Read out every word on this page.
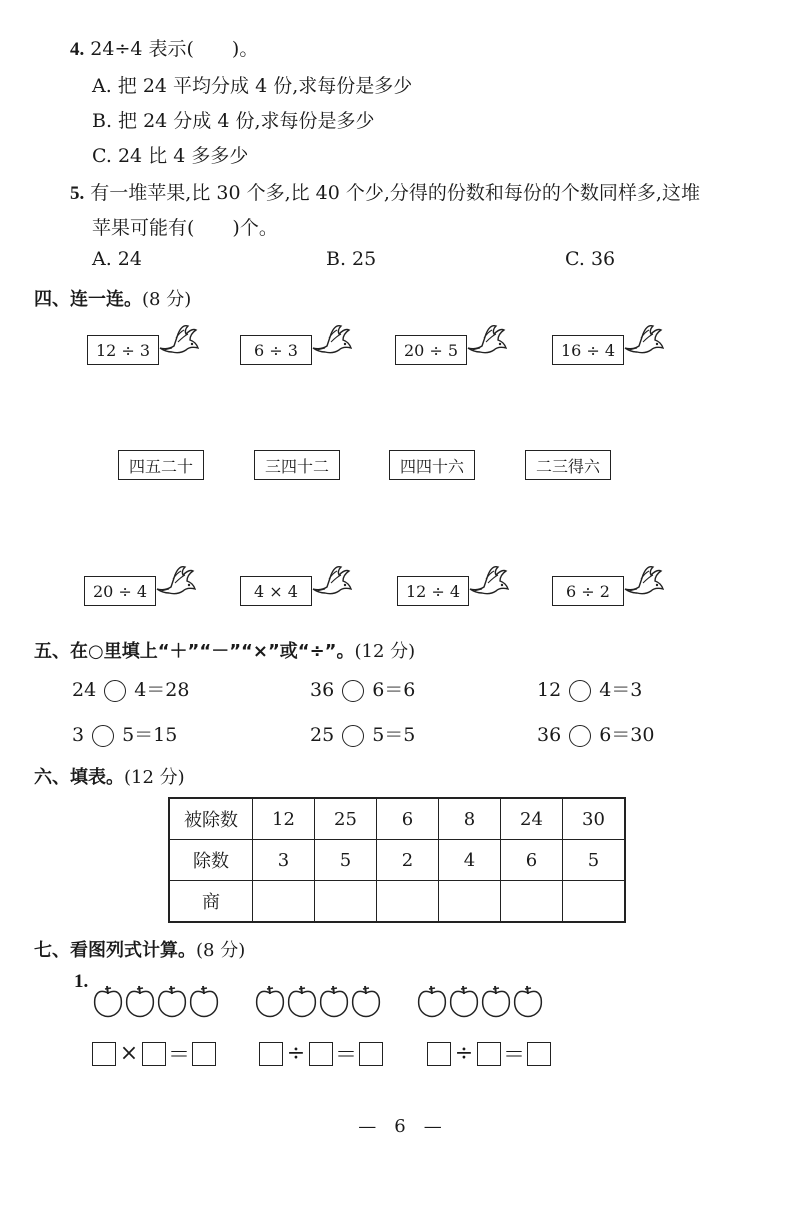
4. 24÷4 表示(　　)。
A. 把 24 平均分成 4 份,求每份是多少
B. 把 24 分成 4 份,求每份是多少
C. 24 比 4 多多少
5. 有一堆苹果,比 30 个多,比 40 个少,分得的份数和每份的个数同样多,这堆
苹果可能有(　　)个。
A. 24	B. 25	C. 36
四、连一连。(8 分)
12 ÷ 3	6 ÷ 3	20 ÷ 5	16 ÷ 4
四五二十	三四十二	四四十六	二三得六
20 ÷ 4	4 × 4	12 ÷ 4	6 ÷ 2
五、在○里填上“＋”“－”“×”或“÷”。(12 分)
24 4＝28	36 6＝6	12 4＝3
3 5＝15	25 5＝5	36 6＝30
六、填表。(12 分)
被除数	12	25	6	8	24	30
除数	3	5	2	4	6	5
商						
七、看图列式计算。(8 分)
1.
× ＝	÷ ＝	÷ ＝
—　6　—
